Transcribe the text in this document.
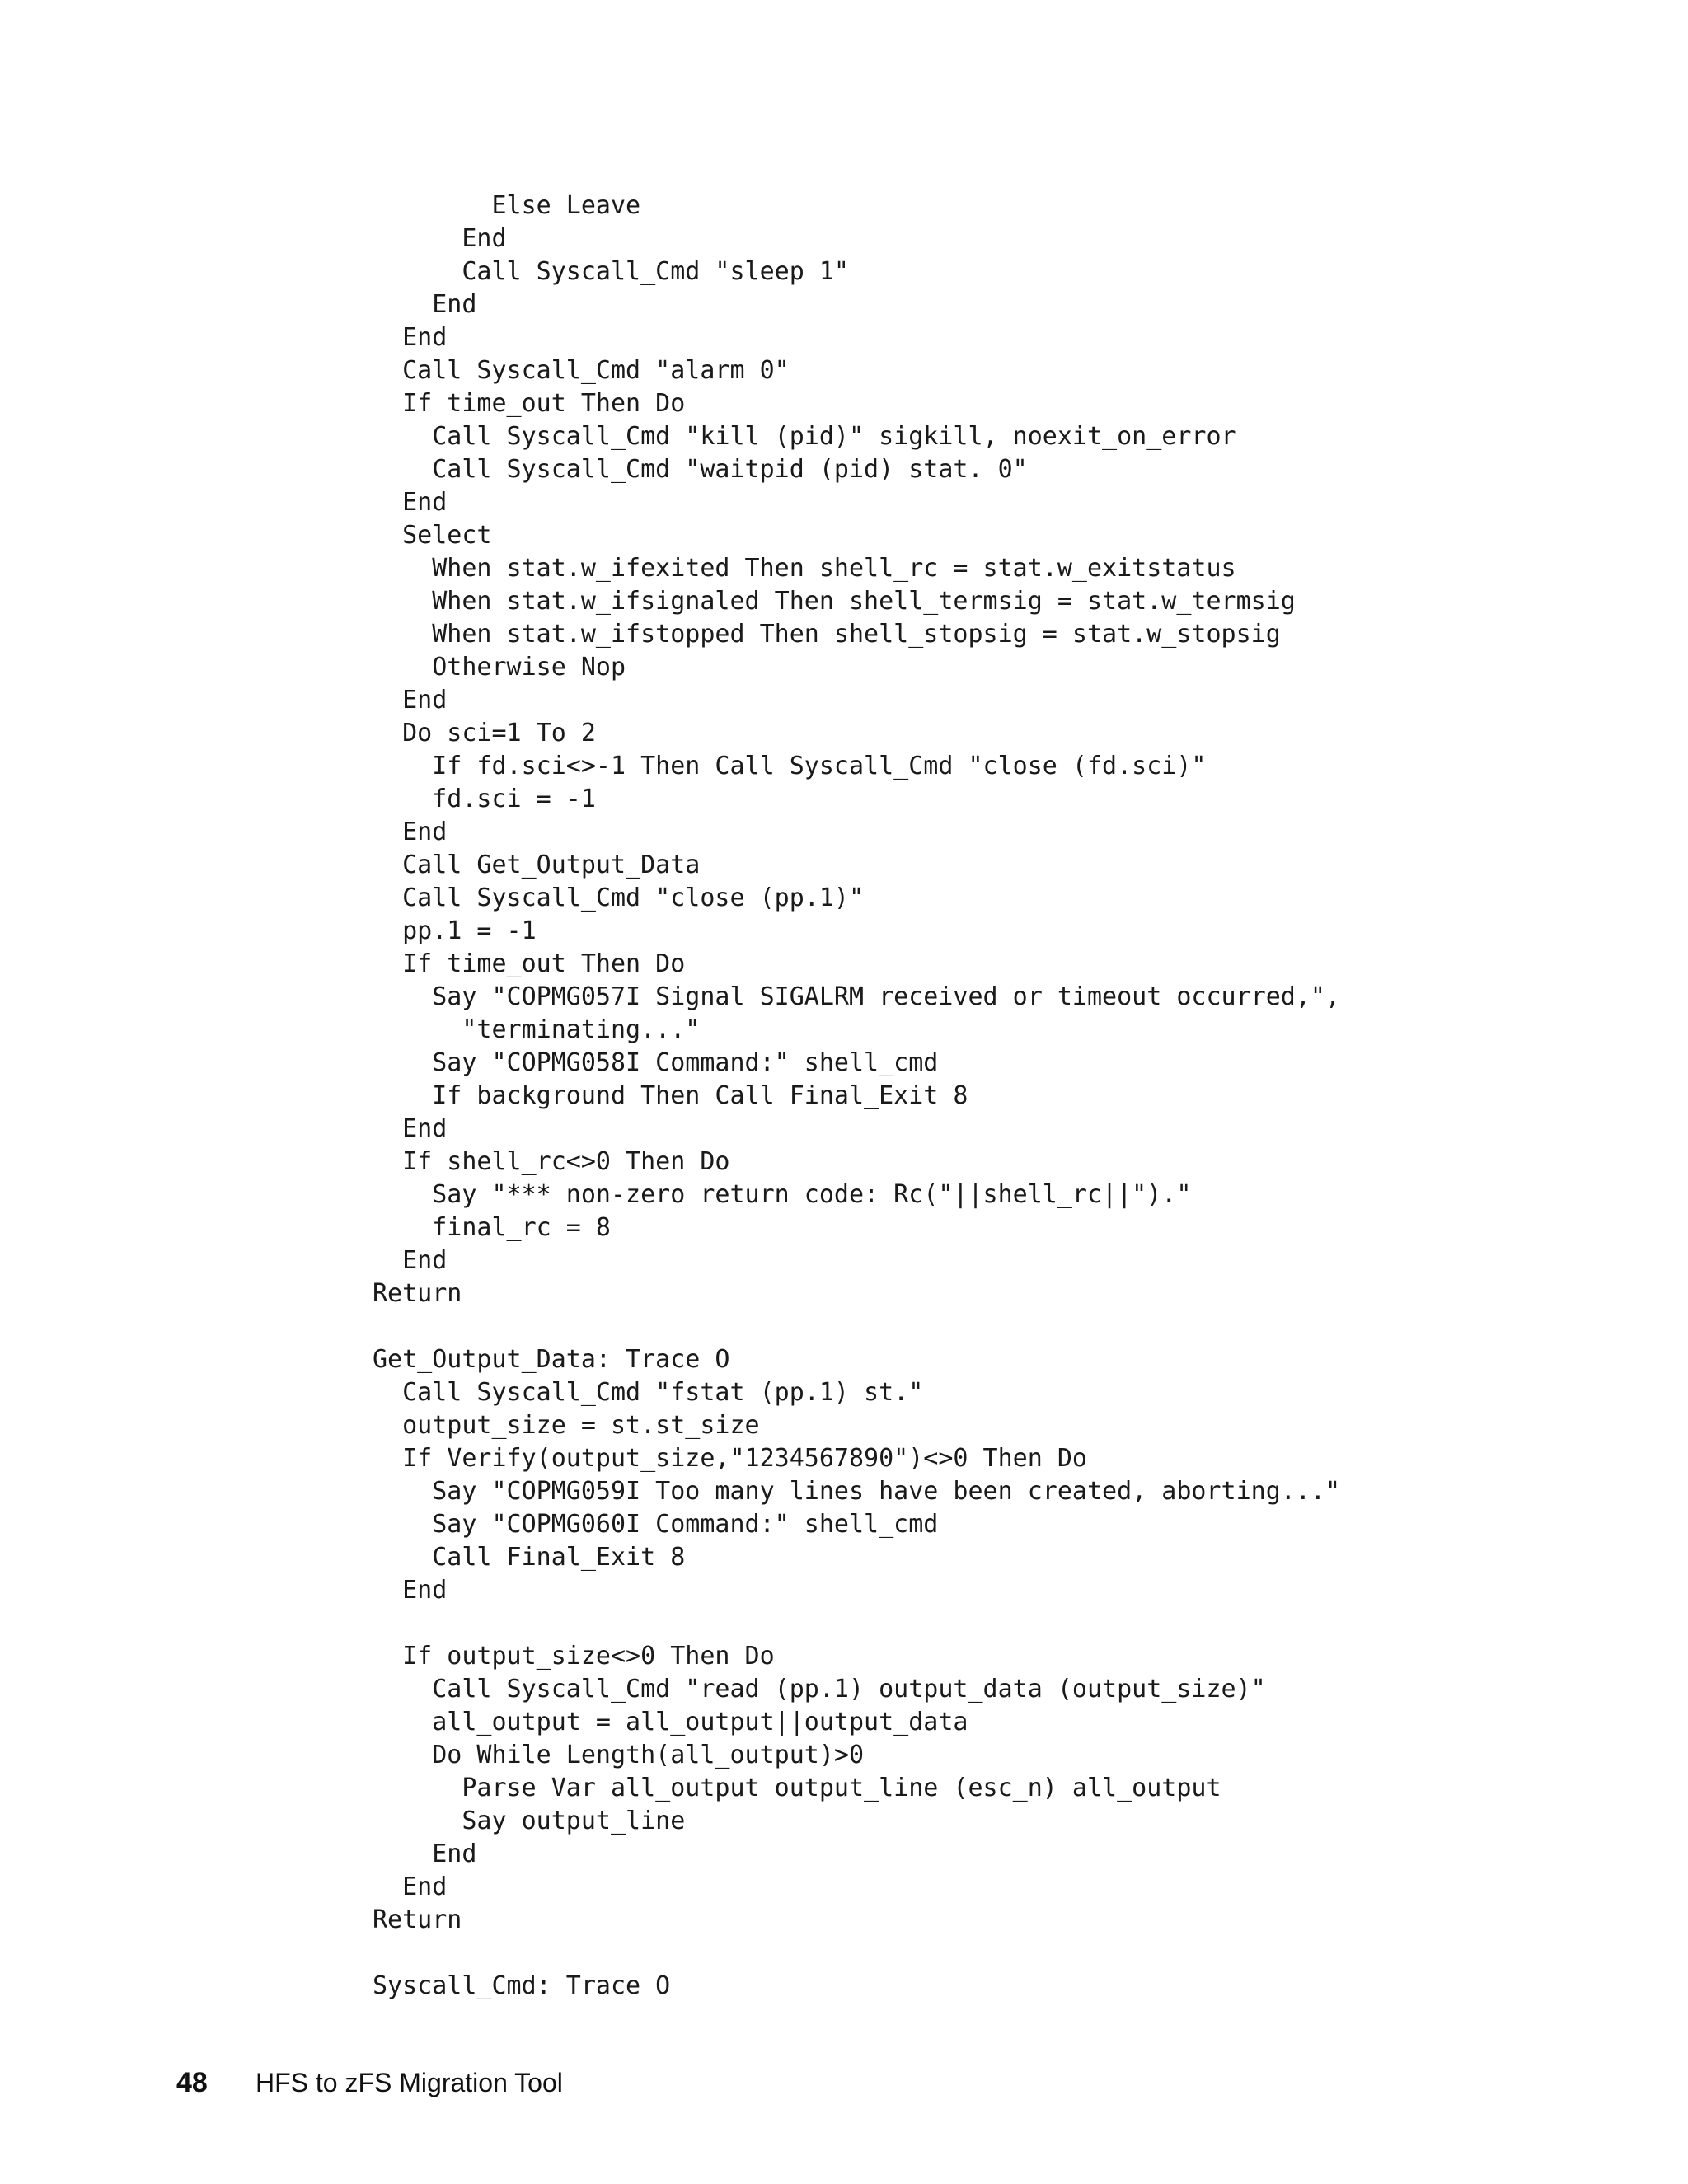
Else Leave
End
Call Syscall_Cmd "sleep 1"
End
End
Call Syscall_Cmd "alarm 0"
If time_out Then Do
Call Syscall_Cmd "kill (pid)" sigkill, noexit_on_error
Call Syscall_Cmd "waitpid (pid) stat. 0"
End
Select
When stat.w_ifexited Then shell_rc = stat.w_exitstatus
When stat.w_ifsignaled Then shell_termsig = stat.w_termsig
When stat.w_ifstopped Then shell_stopsig = stat.w_stopsig
Otherwise Nop
End
Do sci=1 To 2
If fd.sci<>-1 Then Call Syscall_Cmd "close (fd.sci)"
fd.sci = -1
End
Call Get_Output_Data
Call Syscall_Cmd "close (pp.1)"
pp.1 = -1
If time_out Then Do
Say "COPMG057I Signal SIGALRM received or timeout occurred,",
"terminating..."
Say "COPMG058I Command:" shell_cmd
If background Then Call Final_Exit 8
End
If shell_rc<>0 Then Do
Say "*** non-zero return code: Rc("||shell_rc||")."
final_rc = 8
End
Return
Get_Output_Data: Trace O
Call Syscall_Cmd "fstat (pp.1) st."
output_size = st.st_size
If Verify(output_size,"1234567890")<>0 Then Do
Say "COPMG059I Too many lines have been created, aborting..."
Say "COPMG060I Command:" shell_cmd
Call Final_Exit 8
End
If output_size<>0 Then Do
Call Syscall_Cmd "read (pp.1) output_data (output_size)"
all_output = all_output||output_data
Do While Length(all_output)>0
Parse Var all_output output_line (esc_n) all_output
Say output_line
End
End
Return
Syscall_Cmd: Trace O
48	HFS to zFS Migration Tool
